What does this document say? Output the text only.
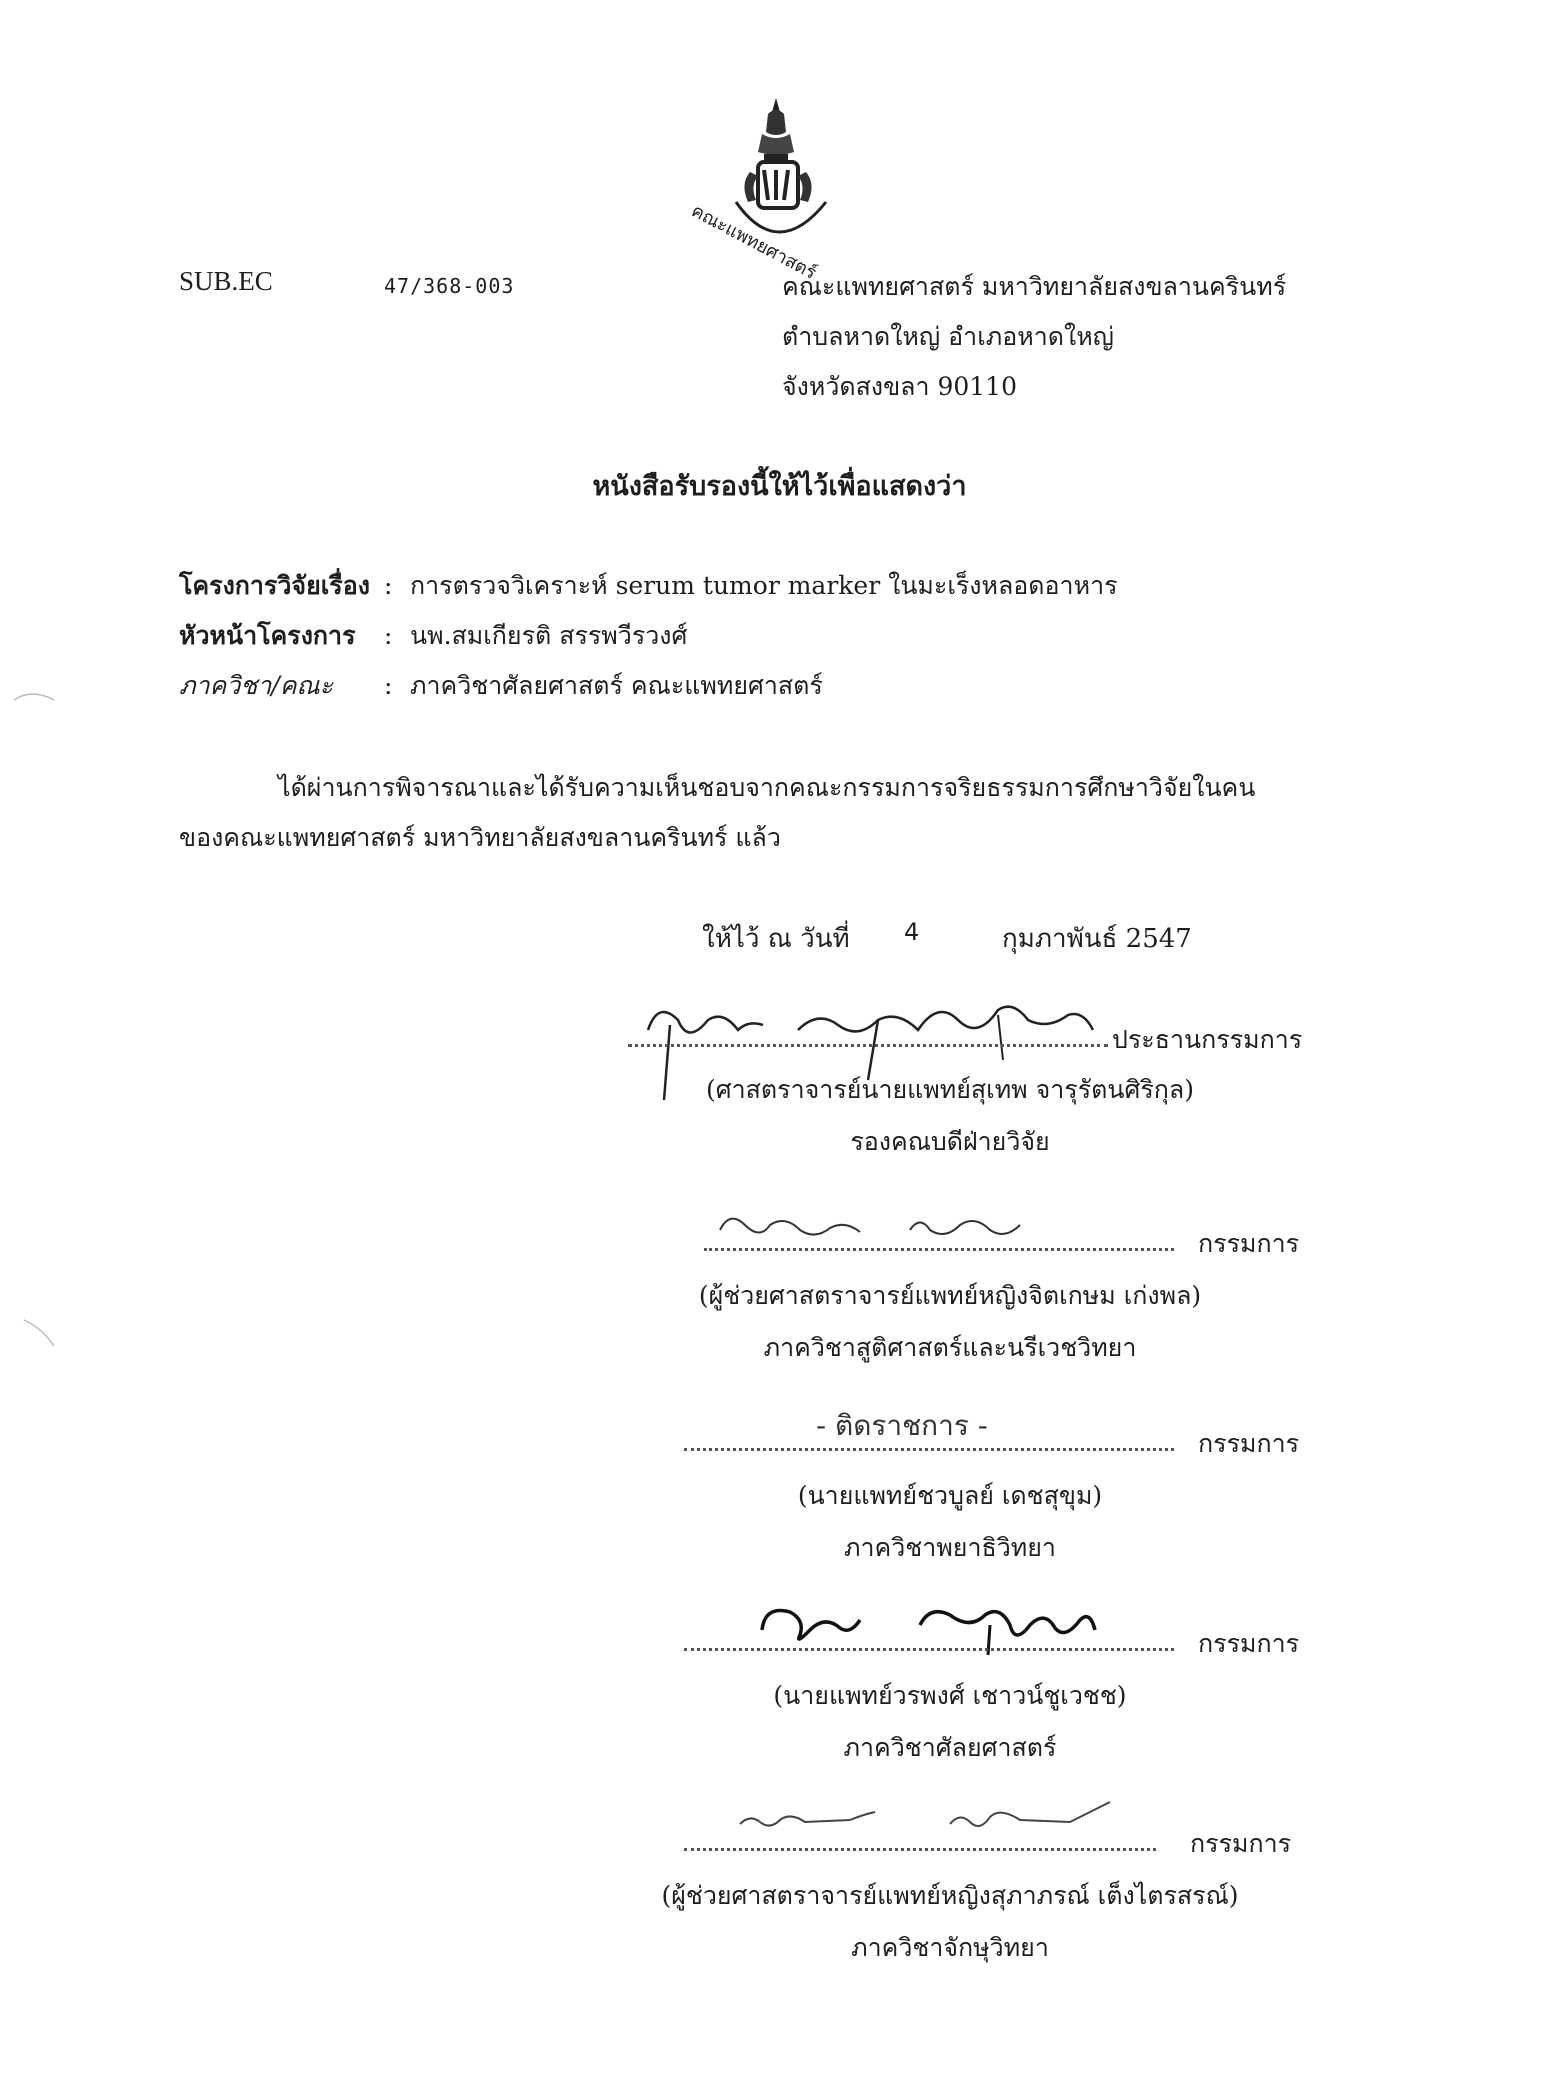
คณะแพทยศาสตร์
SUB.EC	47/368-003	คณะแพทยศาสตร์ มหาวิทยาลัยสงขลานครินทร์
ตำบลหาดใหญ่ อำเภอหาดใหญ่
จังหวัดสงขลา 90110
หนังสือรับรองนี้ให้ไว้เพื่อแสดงว่า
โครงการวิจัยเรื่อง : การตรวจวิเคราะห์ serum tumor marker ในมะเร็งหลอดอาหาร
หัวหน้าโครงการ : นพ.สมเกียรติ สรรพวีรวงศ์
ภาควิชา/คณะ : ภาควิชาศัลยศาสตร์ คณะแพทยศาสตร์
ได้ผ่านการพิจารณาและได้รับความเห็นชอบจากคณะกรรมการจริยธรรมการศึกษาวิจัยในคน
ของคณะแพทยศาสตร์ มหาวิทยาลัยสงขลานครินทร์ แล้ว
ให้ไว้ ณ วันที่ 4	กุมภาพันธ์ 2547
ประธานกรรมการ
(ศาสตราจารย์นายแพทย์สุเทพ จารุรัตนศิริกุล)
รองคณบดีฝ่ายวิจัย
กรรมการ
(ผู้ช่วยศาสตราจารย์แพทย์หญิงจิตเกษม เก่งพล)
ภาควิชาสูติศาสตร์และนรีเวชวิทยา
- ติดราชการ -
กรรมการ
(นายแพทย์ชวบูลย์ เดชสุขุม)
ภาควิชาพยาธิวิทยา
กรรมการ
(นายแพทย์วรพงศ์ เชาวน์ชูเวชช)
ภาควิชาศัลยศาสตร์
กรรมการ
(ผู้ช่วยศาสตราจารย์แพทย์หญิงสุภาภรณ์ เต็งไตรสรณ์)
ภาควิชาจักษุวิทยา
